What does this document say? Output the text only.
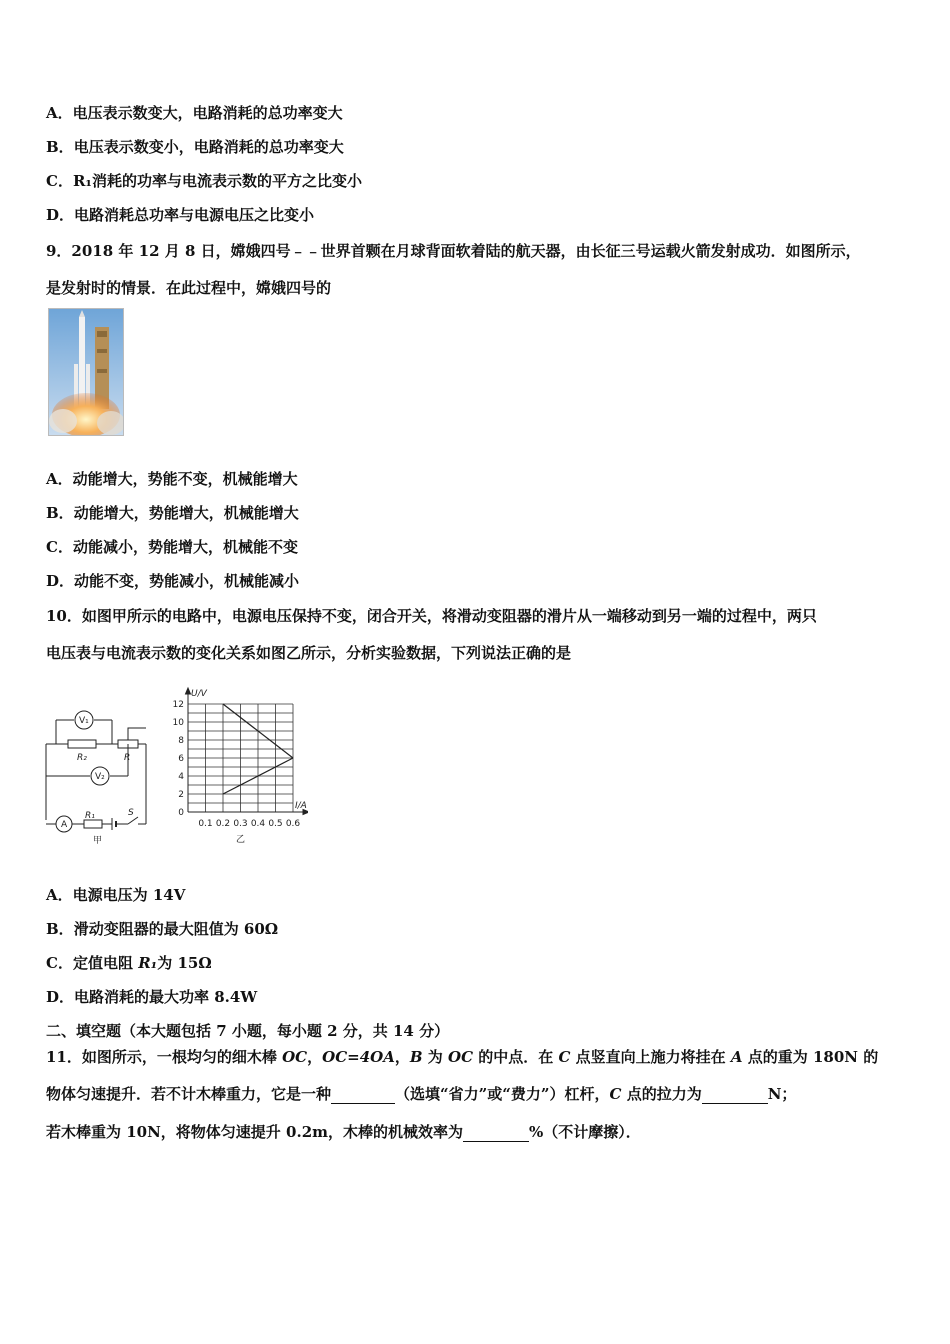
A．电压表示数变大，电路消耗的总功率变大
B．电压表示数变小，电路消耗的总功率变大
C．R₁消耗的功率与电流表示数的平方之比变小
D．电路消耗总功率与电源电压之比变小
9．2018 年 12 月 8 日，嫦娥四号﹣﹣世界首颗在月球背面软着陆的航天器，由长征三号运载火箭发射成功．如图所示，
是发射时的情景．在此过程中，嫦娥四号的
A．动能增大，势能不变，机械能增大
B．动能增大，势能增大，机械能增大
C．动能减小，势能增大，机械能不变
D．动能不变，势能减小，机械能减小
10．如图甲所示的电路中，电源电压保持不变，闭合开关，将滑动变阻器的滑片从一端移动到另一端的过程中，两只
电压表与电流表示数的变化关系如图乙所示，分析实验数据，下列说法正确的是
V₁
V₂
A
R₂	R
R₁	S
甲
2
4
6
8
10
12
0.1 0.2 0.3 0.4 0.5 0.6
0
U/V
I/A
乙
A．电源电压为 14V
B．滑动变阻器的最大阻值为 60Ω
C．定值电阻 R₁为 15Ω
D．电路消耗的最大功率 8.4W
二、填空题（本大题包括 7 小题，每小题 2 分，共 14 分）
11．如图所示，一根均匀的细木棒 OC，OC=4OA，B 为 OC 的中点．在 C 点竖直向上施力将挂在 A 点的重为 180N 的
物体匀速提升．若不计木棒重力，它是一种	（选填“省力”或“费力”）杠杆，C 点的拉力为	N；
若木棒重为 10N，将物体匀速提升 0.2m，木棒的机械效率为	%（不计摩擦）．
